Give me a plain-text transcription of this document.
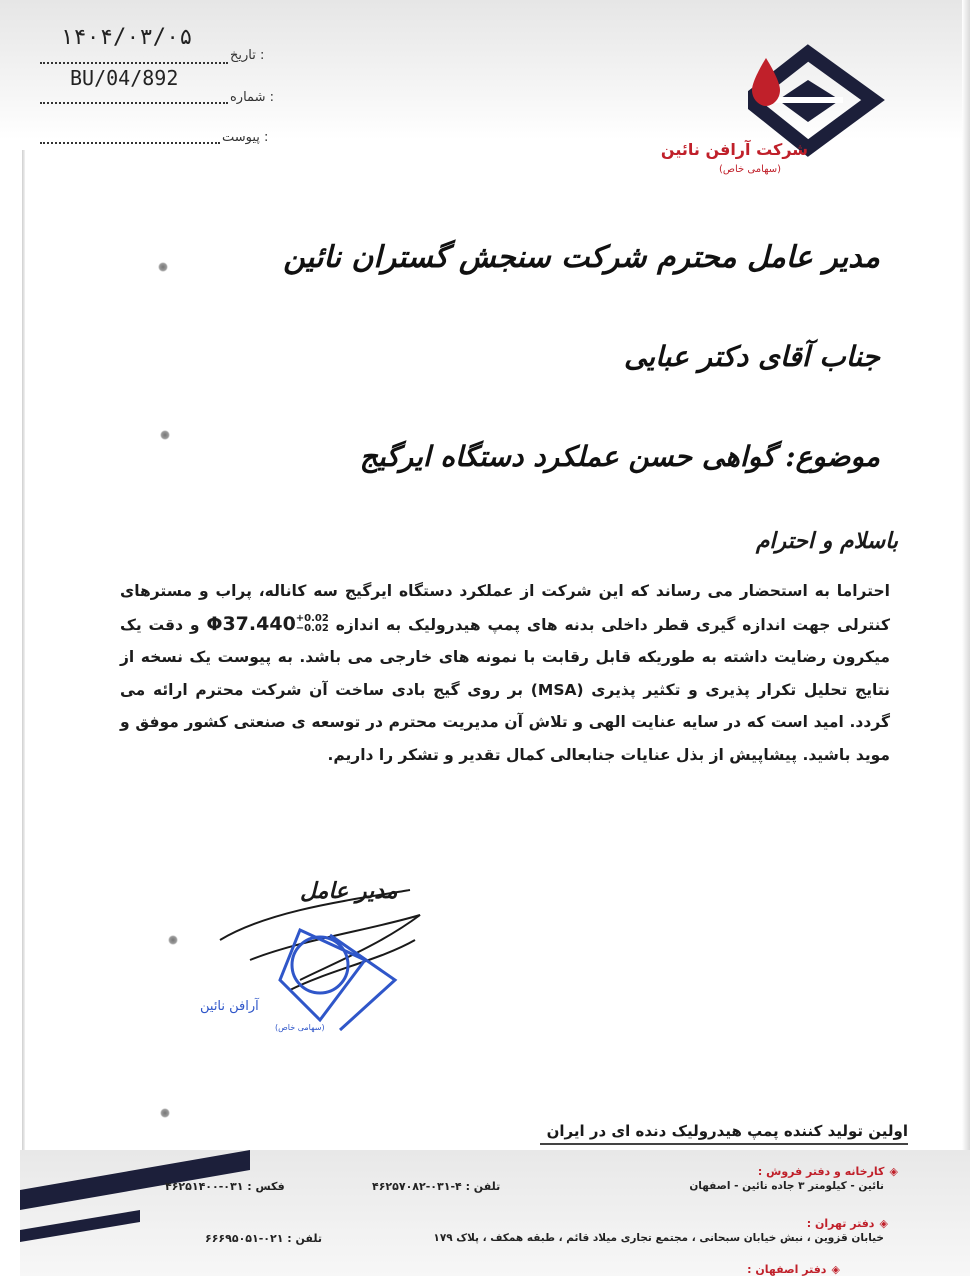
تاریخ :
۱۴۰۴/۰۳/۰۵
شماره :
BU/04/892
پیوست :
شرکت آرافن نائین
(سهامی خاص)
مدیر عامل محترم شرکت سنجش گستران نائین
جناب آقای دکتر عبایی
موضوع: گواهی حسن عملکرد دستگاه ایرگیج
باسلام و احترام
احتراما به استحضار می رساند که این شرکت از عملکرد دستگاه ایرگیج سه کاناله، پراب و مسترهای کنترلی جهت اندازه گیری قطر داخلی بدنه های پمپ هیدرولیک به اندازه Φ37.440 +0.02
−0.02
و دقت یک میکرون رضایت داشته به طوریکه قابل رقابت با نمونه های خارجی می باشد. به پیوست یک نسخه از نتایج تحلیل تکرار پذیری و تکثیر پذیری (MSA) بر روی گیج بادی ساخت آن شرکت محترم ارائه می گردد. امید است که در سایه عنایت الهی و تلاش آن مدیریت محترم در توسعه ی صنعتی کشور موفق و موید باشید. پیشاپیش از بذل عنایات جنابعالی کمال تقدیر و تشکر را داریم.
مدیر عامل
آرافن نائین
(سهامی خاص)
اولین تولید کننده پمپ هیدرولیک دنده ای در ایران
◈ کارخانه و دفتر فروش :
نائین - کیلومتر ۳ جاده نائین - اصفهان
تلفن : ۴-۰۳۱-۴۶۲۵۷۰۸۲
فکس : ۰۳۱-۴۶۲۵۱۴۰۰
◈ دفتر تهران :
خیابان قزوین ، نبش خیابان سبحانی ، مجتمع تجاری میلاد قائم ، طبقه همکف ، پلاک ۱۷۹
تلفن : ۰۲۱-۶۶۶۹۵۰۵۱
◈ دفتر اصفهان :
